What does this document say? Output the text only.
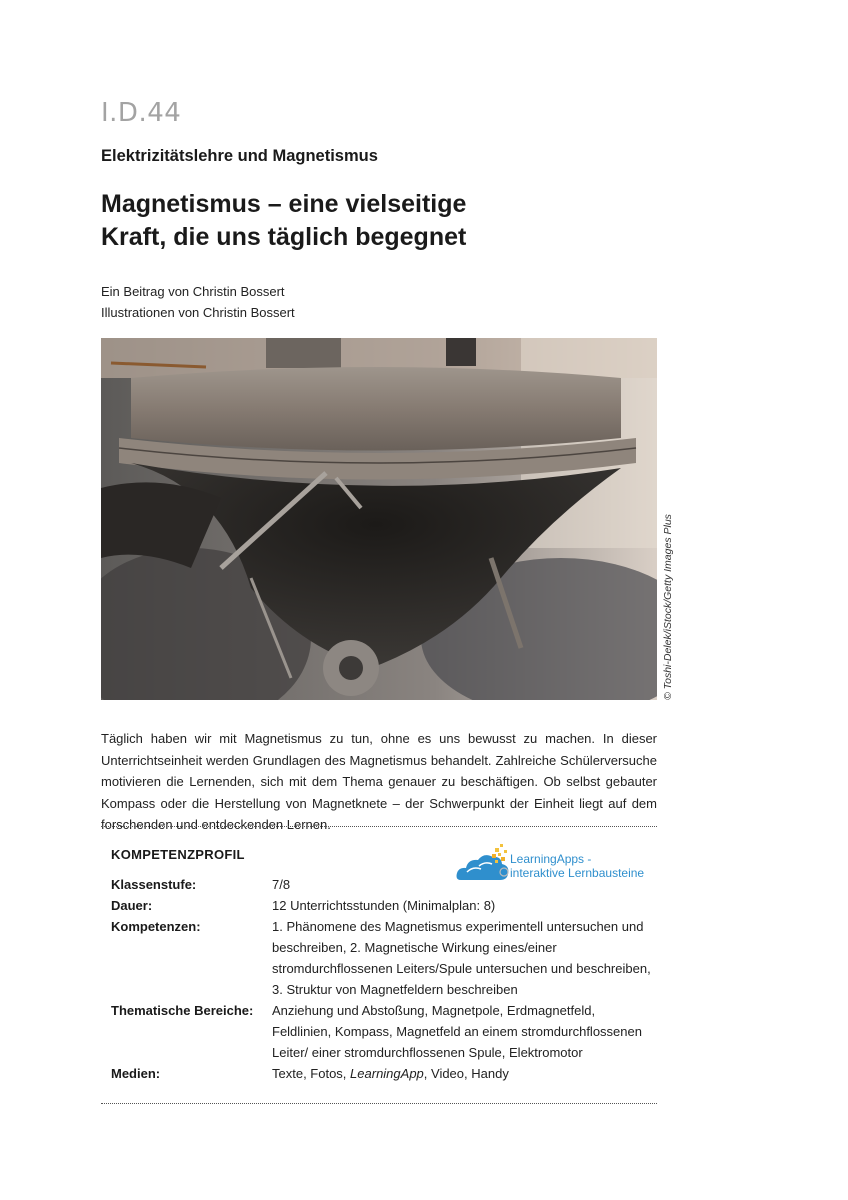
I.D.44
Elektrizitätslehre und Magnetismus
Magnetismus – eine vielseitige
Kraft, die uns täglich begegnet
Ein Beitrag von Christin Bossert
Illustrationen von Christin Bossert
© Toshi-Delek/iStock/Getty Images Plus

Täglich haben wir mit Magnetismus zu tun, ohne es uns bewusst zu machen. In dieser Unterrichtseinheit werden Grundlagen des Magnetismus behandelt. Zahlreiche Schülerversuche motivieren die Lernenden, sich mit dem Thema genauer zu beschäftigen. Ob selbst gebauter Kompass oder die Herstellung von Magnetknete – der Schwerpunkt der Einheit liegt auf dem forschenden und entdeckenden Lernen.

KOMPETENZPROFIL	LearningApps -
interaktive Lernbausteine
Klassenstufe:	7/8
Dauer:	12 Unterrichtsstunden (Minimalplan: 8)
Kompetenzen:	1. Phänomene des Magnetismus experimentell untersuchen und beschreiben, 2. Magnetische Wirkung eines/einer stromdurchflossenen Leiters/Spule untersuchen und beschreiben, 3. Struktur von Magnetfeldern beschreiben
Thematische Bereiche:	Anziehung und Abstoßung, Magnetpole, Erdmagnetfeld, Feldlinien, Kompass, Magnetfeld an einem stromdurchflossenen Leiter/ einer stromdurchflossenen Spule, Elektromotor
Medien:	Texte, Fotos, LearningApp, Video, Handy
